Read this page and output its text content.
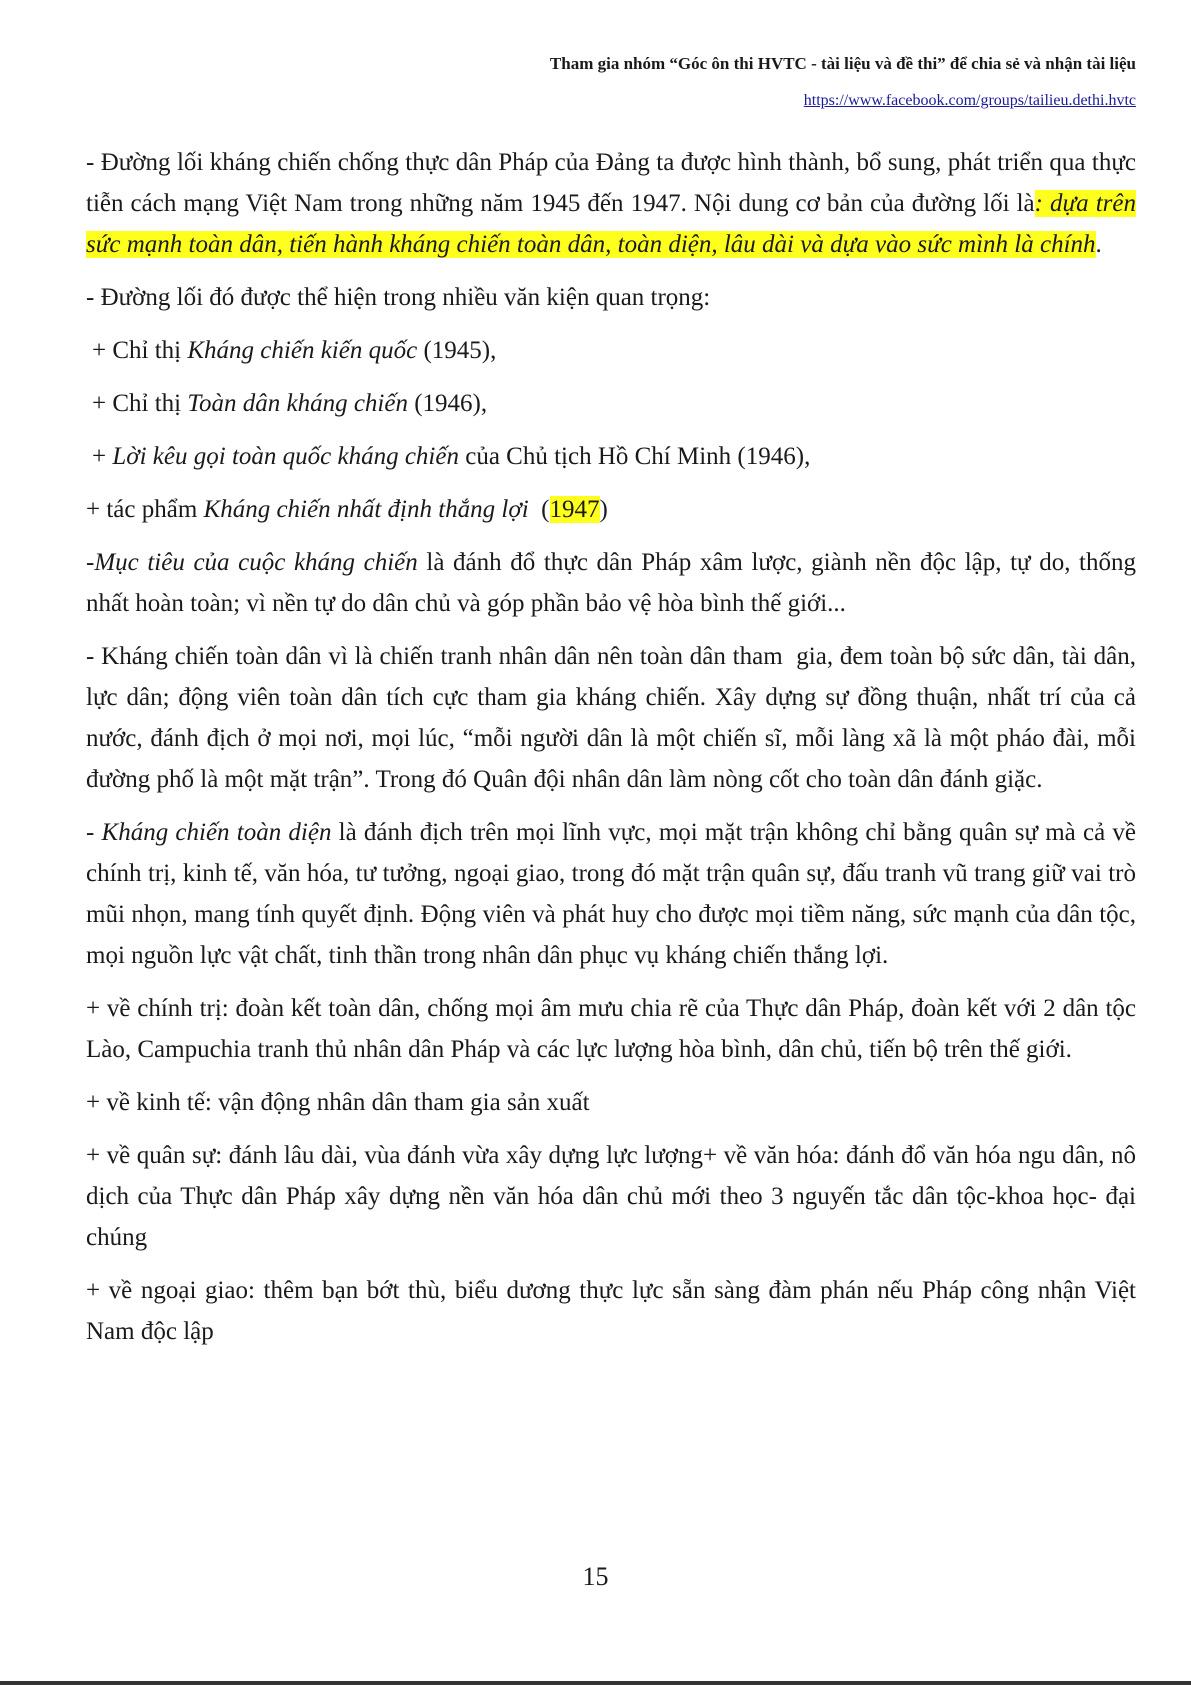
Tham gia nhóm “Góc ôn thi HVTC - tài liệu và đề thi” để chia sẻ và nhận tài liệu
https://www.facebook.com/groups/tailieu.dethi.hvtc

- Đường lối kháng chiến chống thực dân Pháp của Đảng ta được hình thành, bổ sung, phát triển qua thực tiễn cách mạng Việt Nam trong những năm 1945 đến 1947. Nội dung cơ bản của đường lối là: dựa trên sức mạnh toàn dân, tiến hành kháng chiến toàn dân, toàn diện, lâu dài và dựa vào sức mình là chính.

- Đường lối đó được thể hiện trong nhiều văn kiện quan trọng:

+ Chỉ thị Kháng chiến kiến quốc (1945),

+ Chỉ thị Toàn dân kháng chiến (1946),

+ Lời kêu gọi toàn quốc kháng chiến của Chủ tịch Hồ Chí Minh (1946),

+ tác phẩm Kháng chiến nhất định thắng lợi  (1947)

-Mục tiêu của cuộc kháng chiến là đánh đổ thực dân Pháp xâm lược, giành nền độc lập, tự do, thống nhất hoàn toàn; vì nền tự do dân chủ và góp phần bảo vệ hòa bình thế giới...

- Kháng chiến toàn dân vì là chiến tranh nhân dân nên toàn dân tham  gia, đem toàn bộ sức dân, tài dân, lực dân; động viên toàn dân tích cực tham gia kháng chiến. Xây dựng sự đồng thuận, nhất trí của cả nước, đánh địch ở mọi nơi, mọi lúc, “mỗi người dân là một chiến sĩ, mỗi làng xã là một pháo đài, mỗi đường phố là một mặt trận”. Trong đó Quân đội nhân dân làm nòng cốt cho toàn dân đánh giặc.

- Kháng chiến toàn diện là đánh địch trên mọi lĩnh vực, mọi mặt trận không chỉ bằng quân sự mà cả về chính trị, kinh tế, văn hóa, tư tưởng, ngoại giao, trong đó mặt trận quân sự, đấu tranh vũ trang giữ vai trò mũi nhọn, mang tính quyết định. Động viên và phát huy cho được mọi tiềm năng, sức mạnh của dân tộc, mọi nguồn lực vật chất, tinh thần trong nhân dân phục vụ kháng chiến thắng lợi.

+ về chính trị: đoàn kết toàn dân, chống mọi âm mưu chia rẽ của Thực dân Pháp, đoàn kết với 2 dân tộc Lào, Campuchia tranh thủ nhân dân Pháp và các lực lượng hòa bình, dân chủ, tiến bộ trên thế giới.

+ về kinh tế: vận động nhân dân tham gia sản xuất

+ về quân sự: đánh lâu dài, vùa đánh vừa xây dựng lực lượng+ về văn hóa: đánh đổ văn hóa ngu dân, nô dịch của Thực dân Pháp xây dựng nền văn hóa dân chủ mới theo 3 nguyến tắc dân tộc-khoa học- đại chúng

+ về ngoại giao: thêm bạn bớt thù, biểu dương thực lực sẵn sàng đàm phán nếu Pháp công nhận Việt Nam độc lập

15
